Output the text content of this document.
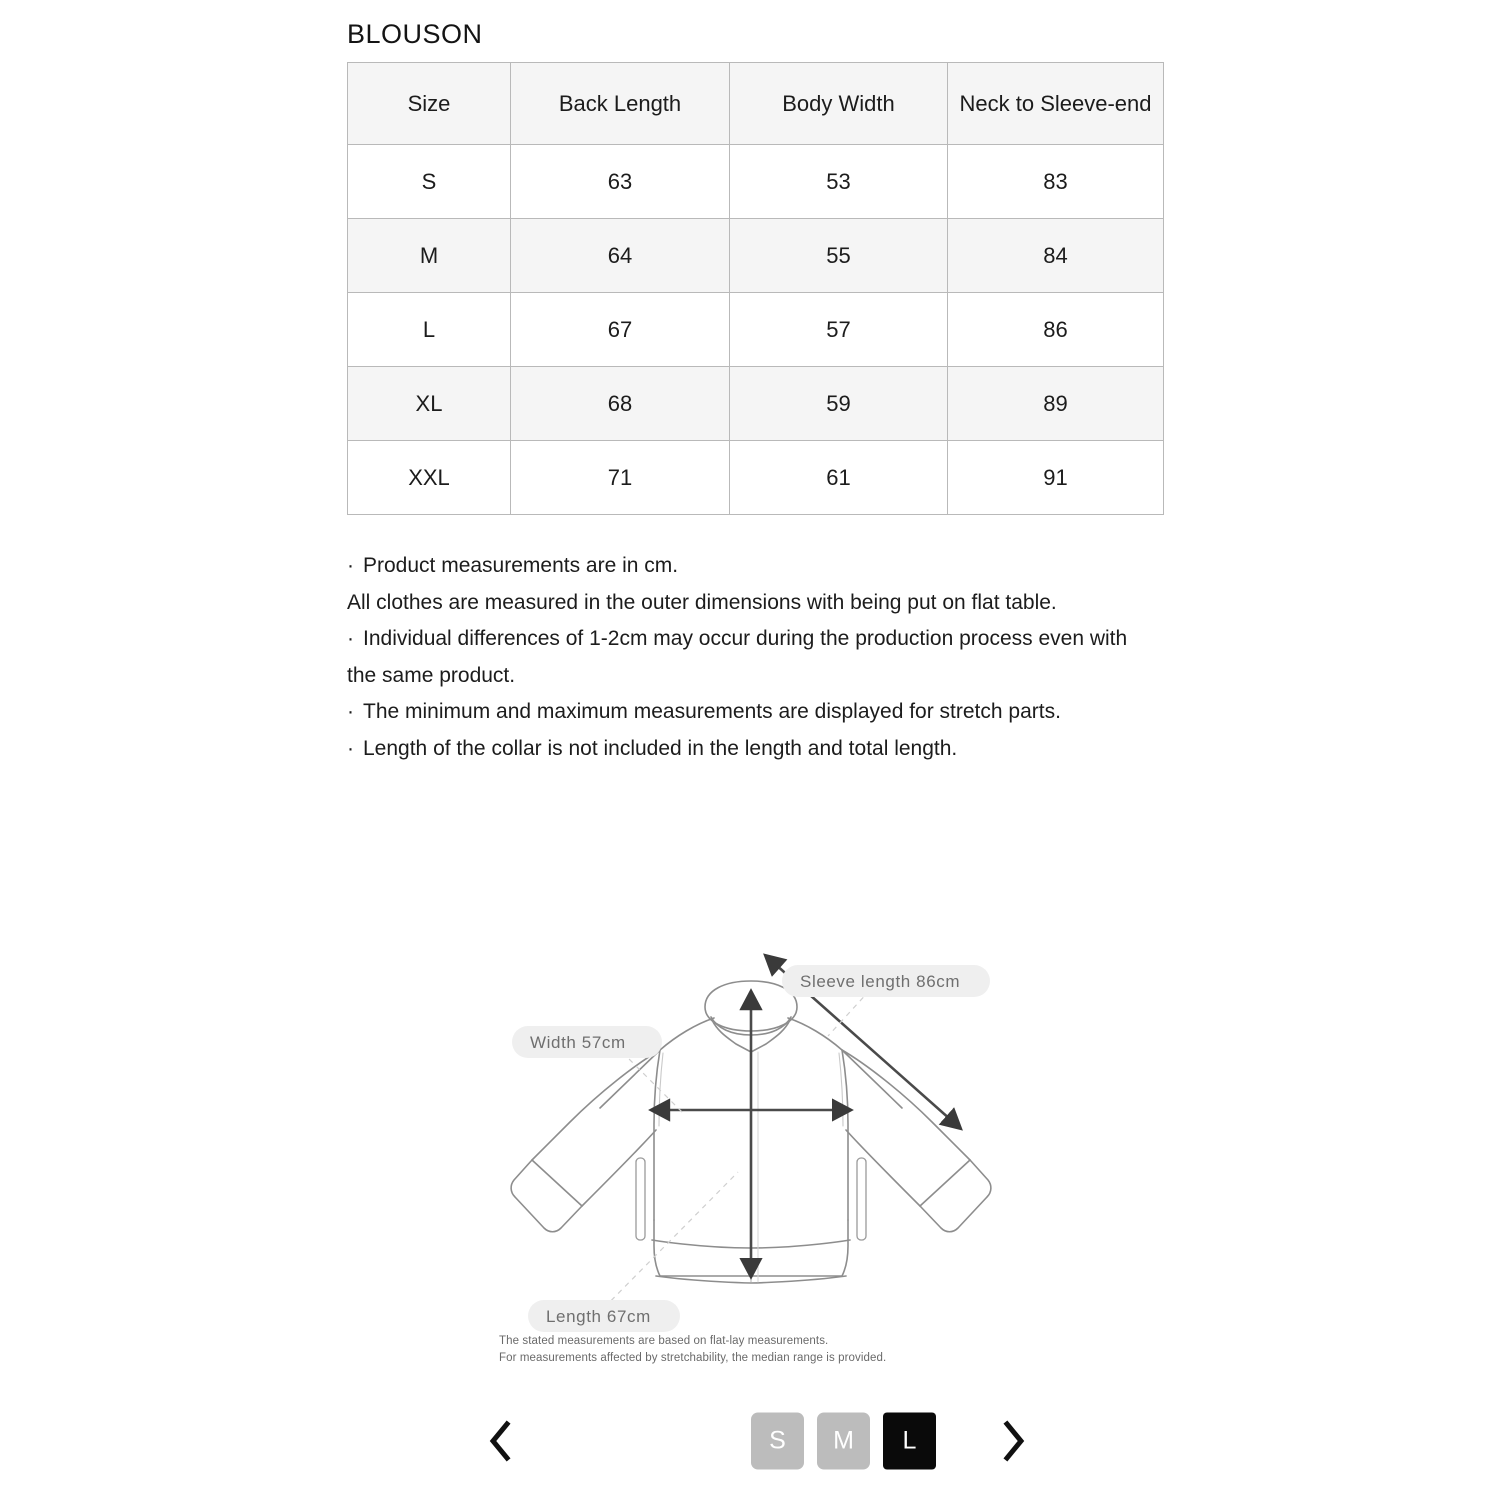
BLOUSON
Size	Back Length	Body Width	Neck to Sleeve-end
S	63	53	83
M	64	55	84
L	67	57	86
XL	68	59	89
XXL	71	61	91

· Product measurements are in cm.

All clothes are measured in the outer dimensions with being put on flat table.

· Individual differences of 1-2cm may occur during the production process even with the same product.

· The minimum and maximum measurements are displayed for stretch parts.

· Length of the collar is not included in the length and total length.

Sleeve length 86cm
Width 57cm
Length 67cm

The stated measurements are based on flat-lay measurements.

For measurements affected by stretchability, the median range is provided.

S M L
